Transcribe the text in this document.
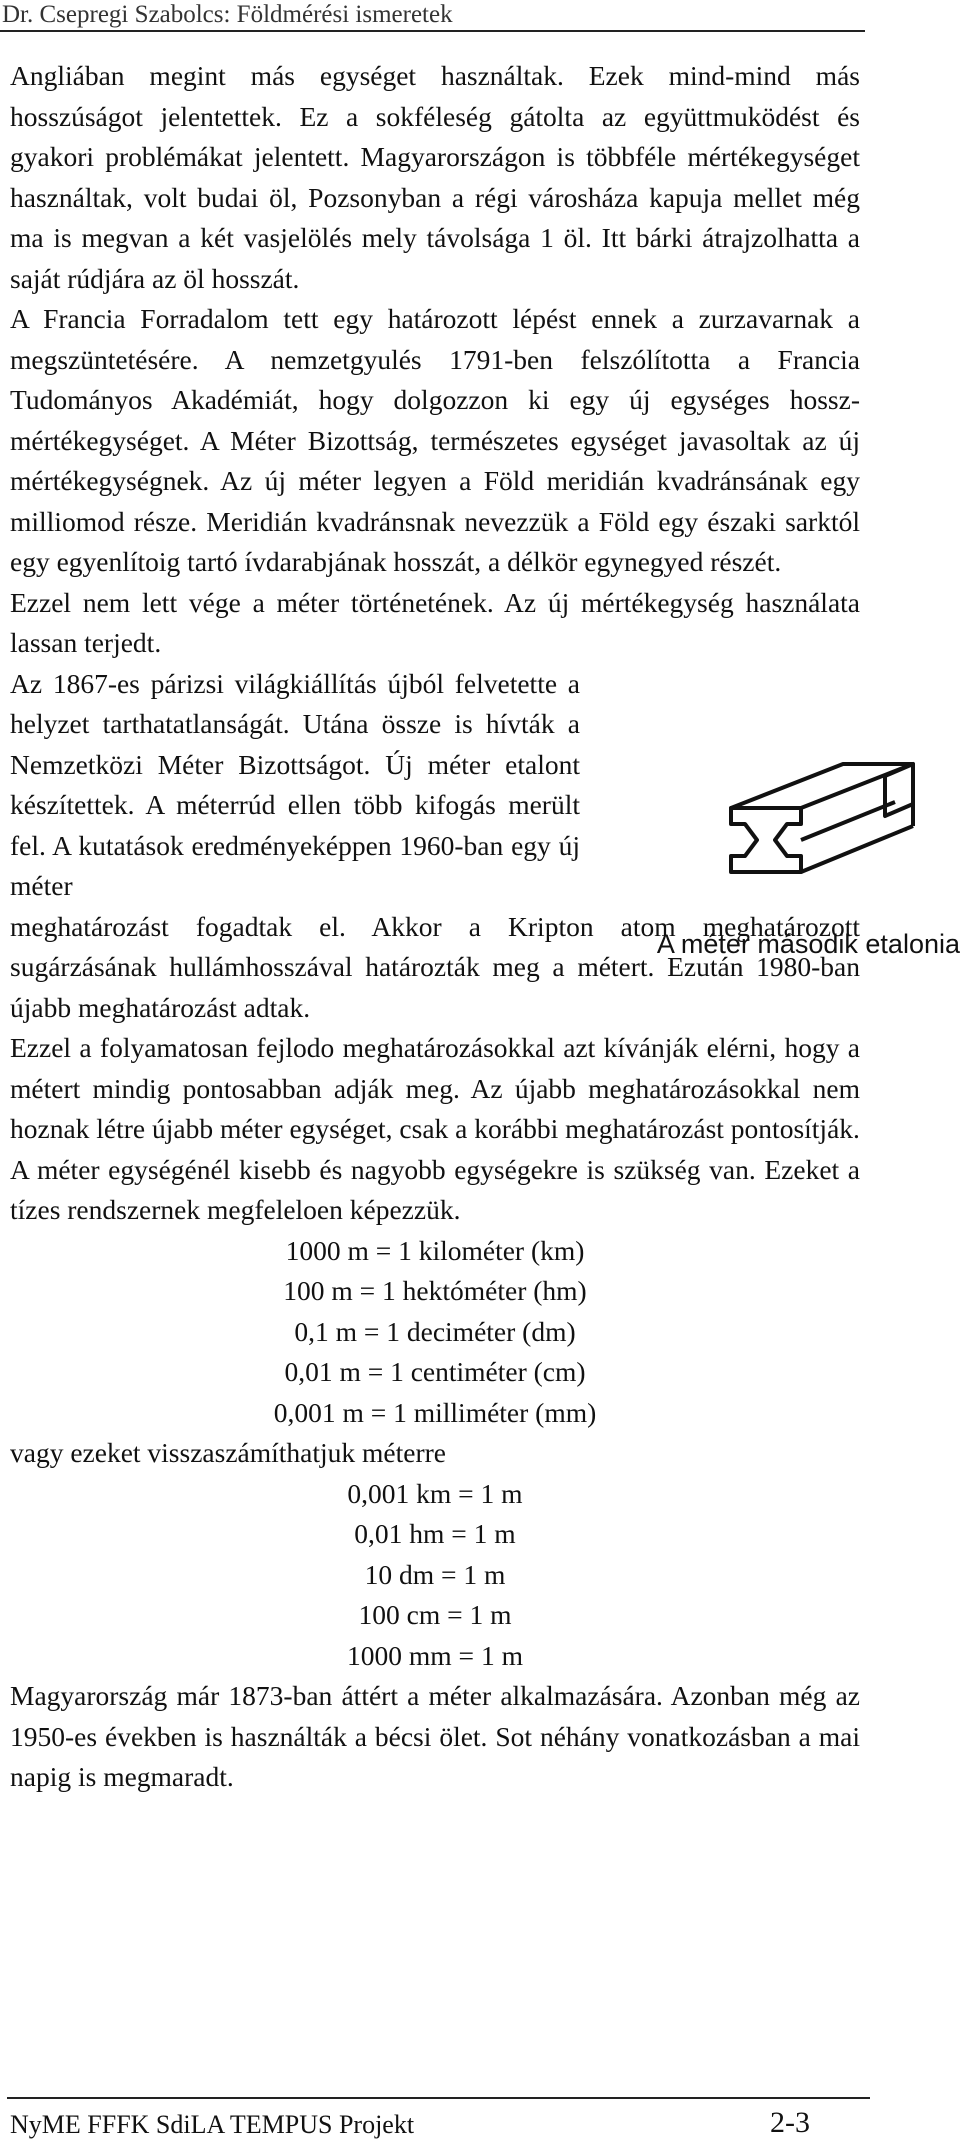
Dr. Csepregi Szabolcs: Földmérési ismeretek

Angliában megint más egységet használtak. Ezek mind-mind más hosszúságot jelentettek. Ez a sokféleség gátolta az együttmuködést és gyakori problémákat jelentett. Magyarországon is többféle mértékegységet használtak, volt budai öl, Pozsonyban a régi városháza kapuja mellet még ma is megvan a két vasjelölés mely távolsága 1 öl. Itt bárki átrajzolhatta a saját rúdjára az öl hosszát.

A Francia Forradalom tett egy határozott lépést ennek a zurzavarnak a megszüntetésére. A nemzetgyulés 1791-ben felszólította a Francia Tudományos Akadémiát, hogy dolgozzon ki egy új egységes hossz-mértékegységet. A Méter Bizottság, természetes egységet javasoltak az új mértékegységnek. Az új méter legyen a Föld meridián kvadránsának egy milliomod része. Meridián kvadránsnak nevezzük a Föld egy északi sarktól egy egyenlítoig tartó ívdarabjának hosszát, a délkör egynegyed részét.

Ezzel nem lett vége a méter történetének. Az új mértékegység használata lassan terjedt.

Az 1867-es párizsi világkiállítás újból felvetette a helyzet tarthatatlanságát. Utána össze is hívták a Nemzetközi Méter Bizottságot. Új méter etalont készítettek. A méterrúd ellen több kifogás merült fel. A kutatások eredményeképpen 1960-ban egy új méter

meghatározást fogadtak el. Akkor a Kripton atom meghatározott sugárzásának hullámhosszával határozták meg a métert. Ezután 1980-ban újabb meghatározást adtak.

Ezzel a folyamatosan fejlodo meghatározásokkal azt kívánják elérni, hogy a métert mindig pontosabban adják meg. Az újabb meghatározásokkal nem hoznak létre újabb méter egységet, csak a korábbi meghatározást pontosítják.

A méter egységénél kisebb és nagyobb egységekre is szükség van. Ezeket a tízes rendszernek megfeleloen képezzük.

1000 m = 1 kilométer (km)

100 m = 1 hektóméter (hm)

0,1 m = 1 deciméter (dm)

0,01 m = 1 centiméter (cm)

0,001 m = 1 milliméter (mm)

vagy ezeket visszaszámíthatjuk méterre

0,001 km = 1 m

0,01 hm = 1 m

10 dm = 1 m

100 cm = 1 m

1000 mm = 1 m

Magyarország már 1873-ban áttért a méter alkalmazására. Azonban még az 1950-es években is használták a bécsi ölet. Sot néhány vonatkozásban a mai napig is megmaradt.

A méter második etalonia
NyME FFFK SdiLA TEMPUS Projekt	2-3
